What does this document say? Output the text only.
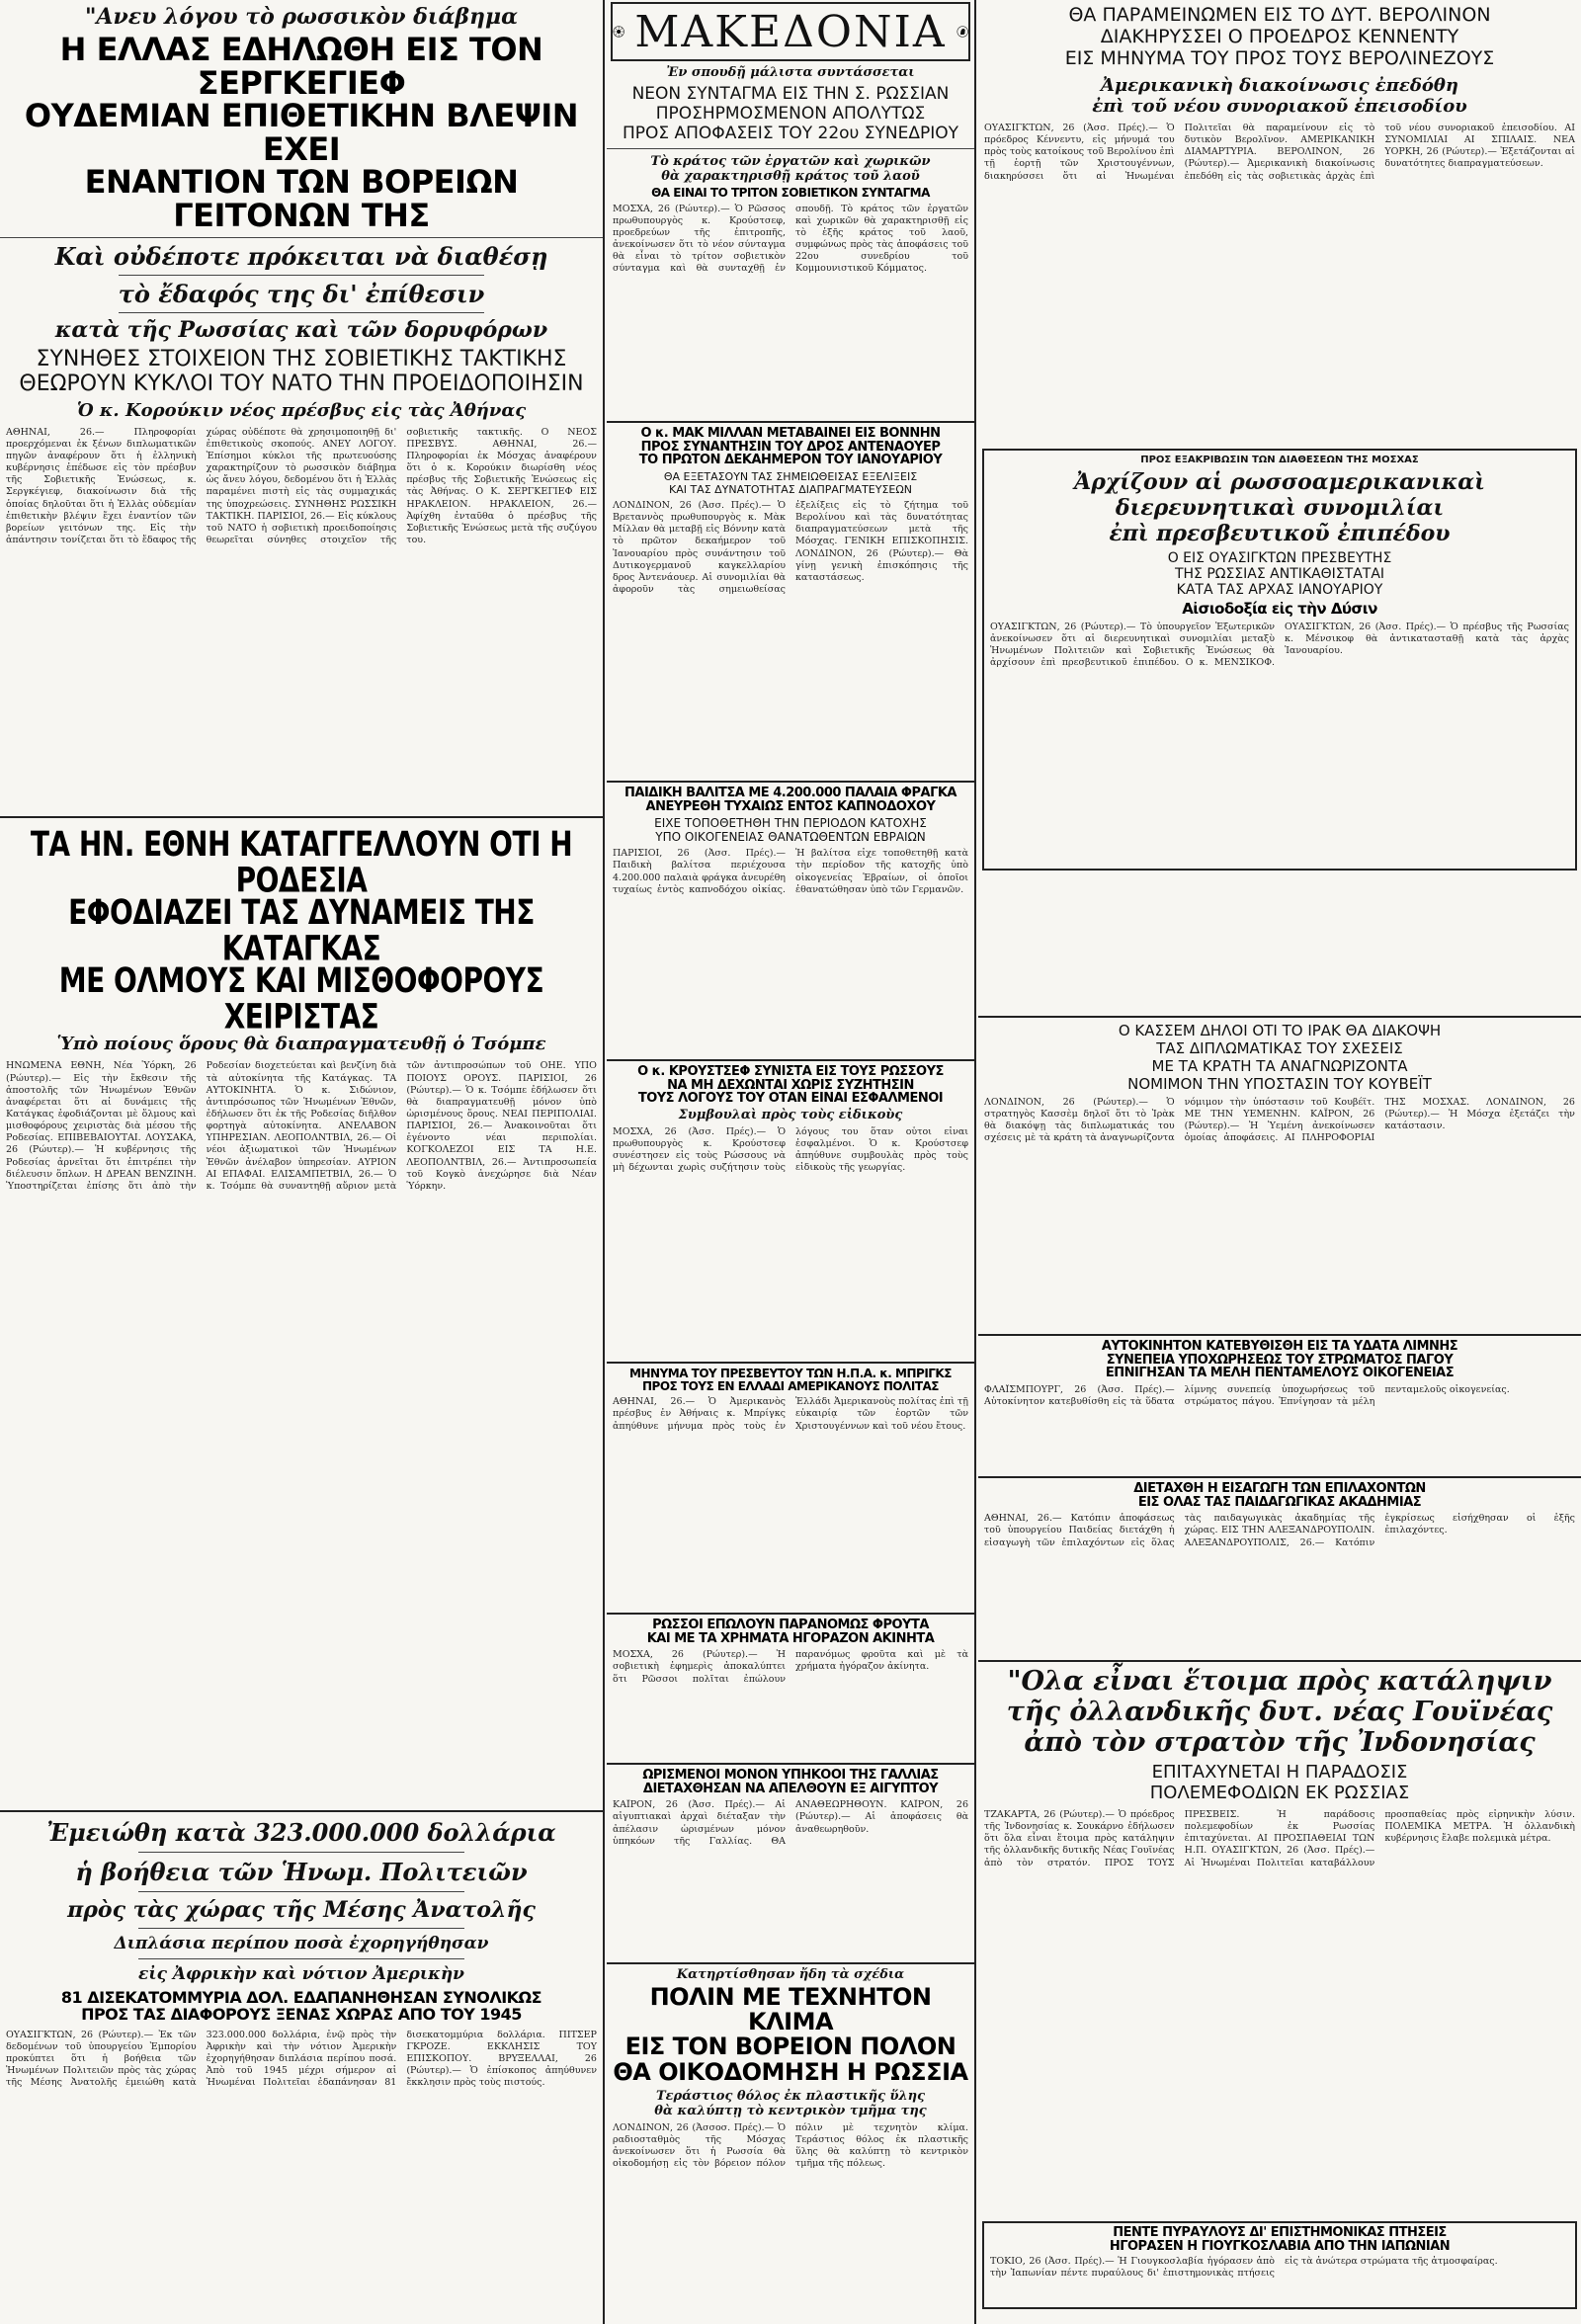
"Ανευ λόγου τὸ ρωσσικὸν διάβημα

Η ΕΛΛΑΣ ΕΔΗΛΩΘΗ ΕΙΣ ΤΟΝ ΣΕΡΓΚΕΓΙΕΦ

ΟΥΔΕΜΙΑΝ ΕΠΙΘΕΤΙΚΗΝ ΒΛΕΨΙΝ ΕΧΕΙ

ΕΝΑΝΤΙΟΝ ΤΩΝ ΒΟΡΕΙΩΝ ΓΕΙΤΟΝΩΝ ΤΗΣ

Καὶ οὐδέποτε πρόκειται νὰ διαθέσῃ

τὸ ἔδαφός της δι' ἐπίθεσιν

κατὰ τῆς Ρωσσίας καὶ τῶν δορυφόρων

ΣΥΝΗΘΕΣ ΣΤΟΙΧΕΙΟΝ ΤΗΣ ΣΟΒΙΕΤΙΚΗΣ ΤΑΚΤΙΚΗΣ

ΘΕΩΡΟΥΝ ΚΥΚΛΟΙ ΤΟΥ ΝΑΤΟ ΤΗΝ ΠΡΟΕΙΔΟΠΟΙΗΣΙΝ

Ὁ κ. Κορούκιν νέος πρέσβυς εἰς τὰς Ἀθήνας

ΑΘΗΝΑΙ, 26.— Πληροφορίαι προερχόμεναι ἐκ ξένων διπλωματικῶν πηγῶν ἀναφέρουν ὅτι ἡ ἑλληνικὴ κυβέρνησις ἐπέδωσε εἰς τὸν πρέσβυν τῆς Σοβιετικῆς Ἑνώσεως, κ. Σεργκέγιεφ, διακοίνωσιν διὰ τῆς ὁποίας δηλοῦται ὅτι ἡ Ἑλλὰς οὐδεμίαν ἐπιθετικὴν βλέψιν ἔχει ἐναντίον τῶν βορείων γειτόνων της. Εἰς τὴν ἀπάντησιν τονίζεται ὅτι τὸ ἔδαφος τῆς χώρας οὐδέποτε θὰ χρησιμοποιηθῇ δι' ἐπιθετικοὺς σκοπούς. ΑΝΕΥ ΛΟΓΟΥ. Ἐπίσημοι κύκλοι τῆς πρωτευούσης χαρακτηρίζουν τὸ ρωσσικὸν διάβημα ὡς ἄνευ λόγου, δεδομένου ὅτι ἡ Ἑλλὰς παραμένει πιστὴ εἰς τὰς συμμαχικάς της ὑποχρεώσεις. ΣΥΝΗΘΗΣ ΡΩΣΣΙΚΗ ΤΑΚΤΙΚΗ. ΠΑΡΙΣΙΟΙ, 26.— Εἰς κύκλους τοῦ ΝΑΤΟ ἡ σοβιετικὴ προειδοποίησις θεωρεῖται σύνηθες στοιχεῖον τῆς σοβιετικῆς τακτικῆς. Ο ΝΕΟΣ ΠΡΕΣΒΥΣ. ΑΘΗΝΑΙ, 26.— Πληροφορίαι ἐκ Μόσχας ἀναφέρουν ὅτι ὁ κ. Κορούκιν διωρίσθη νέος πρέσβυς τῆς Σοβιετικῆς Ἑνώσεως εἰς τὰς Ἀθήνας. Ο Κ. ΣΕΡΓΚΕΓΙΕΦ ΕΙΣ ΗΡΑΚΛΕΙΟΝ. ΗΡΑΚΛΕΙΟΝ, 26.— Ἀφίχθη ἐνταῦθα ὁ πρέσβυς τῆς Σοβιετικῆς Ἑνώσεως μετὰ τῆς συζύγου του.

ΤΑ ΗΝ. ΕΘΝΗ ΚΑΤΑΓΓΕΛΛΟΥΝ ΟΤΙ Η ΡΟΔΕΣΙΑ

ΕΦΟΔΙΑΖΕΙ ΤΑΣ ΔΥΝΑΜΕΙΣ ΤΗΣ ΚΑΤΑΓΚΑΣ

ΜΕ ΟΛΜΟΥΣ ΚΑΙ ΜΙΣΘΟΦΟΡΟΥΣ ΧΕΙΡΙΣΤΑΣ

Ὑπὸ ποίους ὅρους θὰ διαπραγματευθῇ ὁ Τσόμπε

ΗΝΩΜΕΝΑ ΕΘΝΗ, Νέα Ὑόρκη, 26 (Ρώυτερ).— Εἰς τὴν ἔκθεσιν τῆς ἀποστολῆς τῶν Ἡνωμένων Ἐθνῶν ἀναφέρεται ὅτι αἱ δυνάμεις τῆς Κατάγκας ἐφοδιάζονται μὲ ὅλμους καὶ μισθοφόρους χειριστὰς διὰ μέσου τῆς Ροδεσίας. ΕΠΙΒΕΒΑΙΟΥΤΑΙ. ΛΟΥΣΑΚΑ, 26 (Ρώυτερ).— Ἡ κυβέρνησις τῆς Ροδεσίας ἀρνεῖται ὅτι ἐπιτρέπει τὴν διέλευσιν ὅπλων. Η ΔΡΕΑΝ ΒΕΝΖΙΝΗ. Ὑποστηρίζεται ἐπίσης ὅτι ἀπὸ τὴν Ροδεσίαν διοχετεύεται καὶ βενζίνη διὰ τὰ αὐτοκίνητα τῆς Κατάγκας. ΤΑ ΑΥΤΟΚΙΝΗΤΑ. Ὁ κ. Σιδώνιον, ἀντιπρόσωπος τῶν Ἡνωμένων Ἐθνῶν, ἐδήλωσεν ὅτι ἐκ τῆς Ροδεσίας διῆλθον φορτηγὰ αὐτοκίνητα. ΑΝΕΛΑΒΟΝ ΥΠΗΡΕΣΙΑΝ. ΛΕΟΠΟΛΝΤΒΙΛ, 26.— Οἱ νέοι ἀξιωματικοὶ τῶν Ἡνωμένων Ἐθνῶν ἀνέλαβον ὑπηρεσίαν. ΑΥΡΙΟΝ ΑΙ ΕΠΑΦΑΙ. ΕΛΙΣΑΜΠΕΤΒΙΛ, 26.— Ὁ κ. Τσόμπε θὰ συναντηθῇ αὔριον μετὰ τῶν ἀντιπροσώπων τοῦ ΟΗΕ. ΥΠΟ ΠΟΙΟΥΣ ΟΡΟΥΣ. ΠΑΡΙΣΙΟΙ, 26 (Ρώυτερ).— Ὁ κ. Τσόμπε ἐδήλωσεν ὅτι θὰ διαπραγματευθῇ μόνον ὑπὸ ὡρισμένους ὅρους. ΝΕΑΙ ΠΕΡΙΠΟΛΙΑΙ. ΠΑΡΙΣΙΟΙ, 26.— Ἀνακοινοῦται ὅτι ἐγένοντο νέαι περιπολίαι. ΚΟΓΚΟΛΕΖΟΙ ΕΙΣ ΤΑ Η.Ε. ΛΕΟΠΟΛΝΤΒΙΛ, 26.— Ἀντιπροσωπεία τοῦ Κογκὸ ἀνεχώρησε διὰ Νέαν Ὑόρκην.

Ἐμειώθη κατὰ 323.000.000 δολλάρια

ἡ βοήθεια τῶν Ἡνωμ. Πολιτειῶν

πρὸς τὰς χώρας τῆς Μέσης Ἀνατολῆς

Διπλάσια περίπου ποσὰ ἐχορηγήθησαν

εἰς Ἀφρικὴν καὶ νότιον Ἀμερικὴν

81 ΔΙΣΕΚΑΤΟΜΜΥΡΙΑ ΔΟΛ. ΕΔΑΠΑΝΗΘΗΣΑΝ ΣΥΝΟΛΙΚΩΣ

ΠΡΟΣ ΤΑΣ ΔΙΑΦΟΡΟΥΣ ΞΕΝΑΣ ΧΩΡΑΣ ΑΠΟ ΤΟΥ 1945

ΟΥΑΣΙΓΚΤΩΝ, 26 (Ρώυτερ).— Ἐκ τῶν δεδομένων τοῦ ὑπουργείου Ἐμπορίου προκύπτει ὅτι ἡ βοήθεια τῶν Ἡνωμένων Πολιτειῶν πρὸς τὰς χώρας τῆς Μέσης Ἀνατολῆς ἐμειώθη κατὰ 323.000.000 δολλάρια, ἐνῷ πρὸς τὴν Ἀφρικὴν καὶ τὴν νότιον Ἀμερικὴν ἐχορηγήθησαν διπλάσια περίπου ποσά. Ἀπὸ τοῦ 1945 μέχρι σήμερον αἱ Ἡνωμέναι Πολιτεῖαι ἐδαπάνησαν 81 δισεκατομμύρια δολλάρια. ΠΙΤΣΕΡ ΓΚΡΟΖΕ. ΕΚΚΛΗΣΙΣ ΤΟΥ ΕΠΙΣΚΟΠΟΥ. ΒΡΥΞΕΛΛΑΙ, 26 (Ρώυτερ).— Ὁ ἐπίσκοπος ἀπηύθυνεν ἔκκλησιν πρὸς τοὺς πιστούς.
ΜΑΚΕΔΟΝΙΑ

Ἐν σπουδῇ μάλιστα συντάσσεται

ΝΕΟΝ ΣΥΝΤΑΓΜΑ ΕΙΣ ΤΗΝ Σ. ΡΩΣΣΙΑΝ

ΠΡΟΣΗΡΜΟΣΜΕΝΟΝ ΑΠΟΛΥΤΩΣ

ΠΡΟΣ ΑΠΟΦΑΣΕΙΣ ΤΟΥ 22ου ΣΥΝΕΔΡΙΟΥ

Τὸ κράτος τῶν ἐργατῶν καὶ χωρικῶν

θὰ χαρακτηρισθῇ κράτος τοῦ λαοῦ

ΘΑ ΕΙΝΑΙ ΤΟ ΤΡΙΤΟΝ ΣΟΒΙΕΤΙΚΟΝ ΣΥΝΤΑΓΜΑ

ΜΟΣΧΑ, 26 (Ρώυτερ).— Ὁ Ρῶσσος πρωθυπουργὸς κ. Κρούστσεφ, προεδρεύων τῆς ἐπιτροπῆς, ἀνεκοίνωσεν ὅτι τὸ νέον σύνταγμα θὰ εἶναι τὸ τρίτον σοβιετικὸν σύνταγμα καὶ θὰ συνταχθῇ ἐν σπουδῇ. Τὸ κράτος τῶν ἐργατῶν καὶ χωρικῶν θὰ χαρακτηρισθῇ εἰς τὸ ἑξῆς κράτος τοῦ λαοῦ, συμφώνως πρὸς τὰς ἀποφάσεις τοῦ 22ου συνεδρίου τοῦ Κομμουνιστικοῦ Κόμματος.

Ο κ. ΜΑΚ ΜΙΛΛΑΝ ΜΕΤΑΒΑΙΝΕΙ ΕΙΣ ΒΟΝΝΗΝ

ΠΡΟΣ ΣΥΝΑΝΤΗΣΙΝ ΤΟΥ ΔΡΟΣ ΑΝΤΕΝΑΟΥΕΡ

ΤΟ ΠΡΩΤΟΝ ΔΕΚΑΗΜΕΡΟΝ ΤΟΥ ΙΑΝΟΥΑΡΙΟΥ

ΘΑ ΕΞΕΤΑΣΟΥΝ ΤΑΣ ΣΗΜΕΙΩΘΕΙΣΑΣ ΕΞΕΛΙΞΕΙΣ

ΚΑΙ ΤΑΣ ΔΥΝΑΤΟΤΗΤΑΣ ΔΙΑΠΡΑΓΜΑΤΕΥΣΕΩΝ

ΛΟΝΔΙΝΟΝ, 26 (Ἀσσ. Πρές).— Ὁ Βρεταννὸς πρωθυπουργὸς κ. Μὰκ Μίλλαν θὰ μεταβῇ εἰς Βόννην κατὰ τὸ πρῶτον δεκαήμερον τοῦ Ἰανουαρίου πρὸς συνάντησιν τοῦ Δυτικογερμανοῦ καγκελλαρίου δρος Ἀντενάουερ. Αἱ συνομιλίαι θὰ ἀφοροῦν τὰς σημειωθείσας ἐξελίξεις εἰς τὸ ζήτημα τοῦ Βερολίνου καὶ τὰς δυνατότητας διαπραγματεύσεων μετὰ τῆς Μόσχας. ΓΕΝΙΚΗ ΕΠΙΣΚΟΠΗΣΙΣ. ΛΟΝΔΙΝΟΝ, 26 (Ρώυτερ).— Θὰ γίνῃ γενικὴ ἐπισκόπησις τῆς καταστάσεως.

ΠΑΙΔΙΚΗ ΒΑΛΙΤΣΑ ΜΕ 4.200.000 ΠΑΛΑΙΑ ΦΡΑΓΚΑ

ΑΝΕΥΡΕΘΗ ΤΥΧΑΙΩΣ ΕΝΤΟΣ ΚΑΠΝΟΔΟΧΟΥ

ΕΙΧΕ ΤΟΠΟΘΕΤΗΘΗ ΤΗΝ ΠΕΡΙΟΔΟΝ ΚΑΤΟΧΗΣ

ΥΠΟ ΟΙΚΟΓΕΝΕΙΑΣ ΘΑΝΑΤΩΘΕΝΤΩΝ ΕΒΡΑΙΩΝ

ΠΑΡΙΣΙΟΙ, 26 (Ἀσσ. Πρές).— Παιδικὴ βαλίτσα περιέχουσα 4.200.000 παλαιὰ φράγκα ἀνευρέθη τυχαίως ἐντὸς καπνοδόχου οἰκίας. Ἡ βαλίτσα εἶχε τοποθετηθῇ κατὰ τὴν περίοδον τῆς κατοχῆς ὑπὸ οἰκογενείας Ἑβραίων, οἱ ὁποῖοι ἐθανατώθησαν ὑπὸ τῶν Γερμανῶν.

Ο κ. ΚΡΟΥΣΤΣΕΦ ΣΥΝΙΣΤΑ ΕΙΣ ΤΟΥΣ ΡΩΣΣΟΥΣ

ΝΑ ΜΗ ΔΕΧΩΝΤΑΙ ΧΩΡΙΣ ΣΥΖΗΤΗΣΙΝ

ΤΟΥΣ ΛΟΓΟΥΣ ΤΟΥ ΟΤΑΝ ΕΙΝΑΙ ΕΣΦΑΛΜΕΝΟΙ

Συμβουλαὶ πρὸς τοὺς εἰδικοὺς

ΜΟΣΧΑ, 26 (Ἀσσ. Πρές).— Ὁ πρωθυπουργὸς κ. Κρούστσεφ συνέστησεν εἰς τοὺς Ρώσσους νὰ μὴ δέχωνται χωρὶς συζήτησιν τοὺς λόγους του ὅταν οὗτοι εἶναι ἐσφαλμένοι. Ὁ κ. Κρούστσεφ ἀπηύθυνε συμβουλὰς πρὸς τοὺς εἰδικοὺς τῆς γεωργίας.

ΜΗΝΥΜΑ ΤΟΥ ΠΡΕΣΒΕΥΤΟΥ ΤΩΝ Η.Π.Α. κ. ΜΠΡΙΓΚΣ

ΠΡΟΣ ΤΟΥΣ ΕΝ ΕΛΛΑΔΙ ΑΜΕΡΙΚΑΝΟΥΣ ΠΟΛΙΤΑΣ

ΑΘΗΝΑΙ, 26.— Ὁ Ἀμερικανὸς πρέσβυς ἐν Ἀθήναις κ. Μπρίγκς ἀπηύθυνε μήνυμα πρὸς τοὺς ἐν Ἑλλάδι Ἀμερικανοὺς πολίτας ἐπὶ τῇ εὐκαιρίᾳ τῶν ἑορτῶν τῶν Χριστουγέννων καὶ τοῦ νέου ἔτους.

ΡΩΣΣΟΙ ΕΠΩΛΟΥΝ ΠΑΡΑΝΟΜΩΣ ΦΡΟΥΤΑ

ΚΑΙ ΜΕ ΤΑ ΧΡΗΜΑΤΑ ΗΓΟΡΑΖΟΝ ΑΚΙΝΗΤΑ

ΜΟΣΧΑ, 26 (Ρώυτερ).— Ἡ σοβιετικὴ ἐφημερὶς ἀποκαλύπτει ὅτι Ρῶσσοι πολῖται ἐπώλουν παρανόμως φροῦτα καὶ μὲ τὰ χρήματα ἠγόραζον ἀκίνητα.

ΩΡΙΣΜΕΝΟΙ ΜΟΝΟΝ ΥΠΗΚΟΟΙ ΤΗΣ ΓΑΛΛΙΑΣ

ΔΙΕΤΑΧΘΗΣΑΝ ΝΑ ΑΠΕΛΘΟΥΝ ΕΞ ΑΙΓΥΠΤΟΥ

ΚΑΪΡΟΝ, 26 (Ἀσσ. Πρές).— Αἱ αἰγυπτιακαὶ ἀρχαὶ διέταξαν τὴν ἀπέλασιν ὡρισμένων μόνον ὑπηκόων τῆς Γαλλίας. ΘΑ ΑΝΑΘΕΩΡΗΘΟΥΝ. ΚΑΪΡΟΝ, 26 (Ρώυτερ).— Αἱ ἀποφάσεις θὰ ἀναθεωρηθοῦν.

Κατηρτίσθησαν ἤδη τὰ σχέδια

ΠΟΛΙΝ ΜΕ ΤΕΧΝΗΤΟΝ ΚΛΙΜΑ

ΕΙΣ ΤΟΝ ΒΟΡΕΙΟΝ ΠΟΛΟΝ

ΘΑ ΟΙΚΟΔΟΜΗΣΗ Η ΡΩΣΣΙΑ

Τεράστιος θόλος ἐκ πλαστικῆς ὕλης

θὰ καλύπτῃ τὸ κεντρικὸν τμῆμα της

ΛΟΝΔΙΝΟΝ, 26 (Ἀσσοσ. Πρές).— Ὁ ραδιοσταθμὸς τῆς Μόσχας ἀνεκοίνωσεν ὅτι ἡ Ρωσσία θὰ οἰκοδομήσῃ εἰς τὸν βόρειον πόλον πόλιν μὲ τεχνητὸν κλίμα. Τεράστιος θόλος ἐκ πλαστικῆς ὕλης θὰ καλύπτῃ τὸ κεντρικὸν τμῆμα τῆς πόλεως.

ΘΑ ΠΑΡΑΜΕΙΝΩΜΕΝ ΕΙΣ ΤΟ ΔΥΤ. ΒΕΡΟΛΙΝΟΝ

ΔΙΑΚΗΡΥΣΣΕΙ Ο ΠΡΟΕΔΡΟΣ ΚΕΝΝΕΝΤΥ

ΕΙΣ ΜΗΝΥΜΑ ΤΟΥ ΠΡΟΣ ΤΟΥΣ ΒΕΡΟΛΙΝΕΖΟΥΣ

Ἀμερικανικὴ διακοίνωσις ἐπεδόθη

ἐπὶ τοῦ νέου συνοριακοῦ ἐπεισοδίου

ΟΥΑΣΙΓΚΤΩΝ, 26 (Ἀσσ. Πρές).— Ὁ πρόεδρος Κέννεντυ, εἰς μήνυμά του πρὸς τοὺς κατοίκους τοῦ Βερολίνου ἐπὶ τῇ ἑορτῇ τῶν Χριστουγέννων, διακηρύσσει ὅτι αἱ Ἡνωμέναι Πολιτεῖαι θὰ παραμείνουν εἰς τὸ δυτικὸν Βερολῖνον. ΑΜΕΡΙΚΑΝΙΚΗ ΔΙΑΜΑΡΤΥΡΙΑ. ΒΕΡΟΛΙΝΟΝ, 26 (Ρώυτερ).— Ἀμερικανικὴ διακοίνωσις ἐπεδόθη εἰς τὰς σοβιετικὰς ἀρχὰς ἐπὶ τοῦ νέου συνοριακοῦ ἐπεισοδίου. ΑΙ ΣΥΝΟΜΙΛΙΑΙ ΑΙ ΣΠΙΛΑΙΣ. ΝΕΑ ΥΟΡΚΗ, 26 (Ρώυτερ).— Ἐξετάζονται αἱ δυνατότητες διαπραγματεύσεων.

ΠΡΟΣ ΕΞΑΚΡΙΒΩΣΙΝ ΤΩΝ ΔΙΑΘΕΣΕΩΝ ΤΗΣ ΜΟΣΧΑΣ

Ἀρχίζουν αἱ ρωσσοαμερικανικαὶ

διερευνητικαὶ συνομιλίαι

ἐπὶ πρεσβευτικοῦ ἐπιπέδου

Ο ΕΙΣ ΟΥΑΣΙΓΚΤΩΝ ΠΡΕΣΒΕΥΤΗΣ

ΤΗΣ ΡΩΣΣΙΑΣ ΑΝΤΙΚΑΘΙΣΤΑΤΑΙ

ΚΑΤΑ ΤΑΣ ΑΡΧΑΣ ΙΑΝΟΥΑΡΙΟΥ

Αἰσιοδοξία εἰς τὴν Δύσιν

ΟΥΑΣΙΓΚΤΩΝ, 26 (Ρώυτερ).— Τὸ ὑπουργεῖον Ἐξωτερικῶν ἀνεκοίνωσεν ὅτι αἱ διερευνητικαὶ συνομιλίαι μεταξὺ Ἡνωμένων Πολιτειῶν καὶ Σοβιετικῆς Ἑνώσεως θὰ ἀρχίσουν ἐπὶ πρεσβευτικοῦ ἐπιπέδου. Ο κ. ΜΕΝΣΙΚΟΦ. ΟΥΑΣΙΓΚΤΩΝ, 26 (Ἀσσ. Πρές).— Ὁ πρέσβυς τῆς Ρωσσίας κ. Μένσικοφ θὰ ἀντικατασταθῇ κατὰ τὰς ἀρχὰς Ἰανουαρίου.

Ο ΚΑΣΣΕΜ ΔΗΛΟΙ ΟΤΙ ΤΟ ΙΡΑΚ ΘΑ ΔΙΑΚΟΨΗ

ΤΑΣ ΔΙΠΛΩΜΑΤΙΚΑΣ ΤΟΥ ΣΧΕΣΕΙΣ

ΜΕ ΤΑ ΚΡΑΤΗ ΤΑ ΑΝΑΓΝΩΡΙΖΟΝΤΑ

ΝΟΜΙΜΟΝ ΤΗΝ ΥΠΟΣΤΑΣΙΝ ΤΟΥ ΚΟΥΒΕΪΤ

ΛΟΝΔΙΝΟΝ, 26 (Ρώυτερ).— Ὁ στρατηγὸς Κασσὲμ δηλοῖ ὅτι τὸ Ἰρὰκ θὰ διακόψῃ τὰς διπλωματικάς του σχέσεις μὲ τὰ κράτη τὰ ἀναγνωρίζοντα νόμιμον τὴν ὑπόστασιν τοῦ Κουβέϊτ. ΜΕ ΤΗΝ ΥΕΜΕΝΗΝ. ΚΑΪΡΟΝ, 26 (Ρώυτερ).— Ἡ Ὑεμένη ἀνεκοίνωσεν ὁμοίας ἀποφάσεις. ΑΙ ΠΛΗΡΟΦΟΡΙΑΙ ΤΗΣ ΜΟΣΧΑΣ. ΛΟΝΔΙΝΟΝ, 26 (Ρώυτερ).— Ἡ Μόσχα ἐξετάζει τὴν κατάστασιν.

ΑΥΤΟΚΙΝΗΤΟΝ ΚΑΤΕΒΥΘΙΣΘΗ ΕΙΣ ΤΑ ΥΔΑΤΑ ΛΙΜΝΗΣ

ΣΥΝΕΠΕΙΑ ΥΠΟΧΩΡΗΣΕΩΣ ΤΟΥ ΣΤΡΩΜΑΤΟΣ ΠΑΓΟΥ

ΕΠΝΙΓΗΣΑΝ ΤΑ ΜΕΛΗ ΠΕΝΤΑΜΕΛΟΥΣ ΟΙΚΟΓΕΝΕΙΑΣ

ΦΛΑΪΣΜΠΟΥΡΓ, 26 (Ἀσσ. Πρές).— Αὐτοκίνητον κατεβυθίσθη εἰς τὰ ὕδατα λίμνης συνεπείᾳ ὑποχωρήσεως τοῦ στρώματος πάγου. Ἐπνίγησαν τὰ μέλη πενταμελοῦς οἰκογενείας.

ΔΙΕΤΑΧΘΗ Η ΕΙΣΑΓΩΓΗ ΤΩΝ ΕΠΙΛΑΧΟΝΤΩΝ

ΕΙΣ ΟΛΑΣ ΤΑΣ ΠΑΙΔΑΓΩΓΙΚΑΣ ΑΚΑΔΗΜΙΑΣ

ΑΘΗΝΑΙ, 26.— Κατόπιν ἀποφάσεως τοῦ ὑπουργείου Παιδείας διετάχθη ἡ εἰσαγωγὴ τῶν ἐπιλαχόντων εἰς ὅλας τὰς παιδαγωγικὰς ἀκαδημίας τῆς χώρας. ΕΙΣ ΤΗΝ ΑΛΕΞΑΝΔΡΟΥΠΟΛΙΝ. ΑΛΕΞΑΝΔΡΟΥΠΟΛΙΣ, 26.— Κατόπιν ἐγκρίσεως εἰσήχθησαν οἱ ἑξῆς ἐπιλαχόντες.

"Ολα εἶναι ἕτοιμα πρὸς κατάληψιν

τῆς ὀλλανδικῆς δυτ. νέας Γουϊνέας

ἀπὸ τὸν στρατὸν τῆς Ἰνδονησίας

ΕΠΙΤΑΧΥΝΕΤΑΙ Η ΠΑΡΑΔΟΣΙΣ

ΠΟΛΕΜΕΦΟΔΙΩΝ ΕΚ ΡΩΣΣΙΑΣ

ΤΖΑΚΑΡΤΑ, 26 (Ρώυτερ).— Ὁ πρόεδρος τῆς Ἰνδονησίας κ. Σουκάρνο ἐδήλωσεν ὅτι ὅλα εἶναι ἕτοιμα πρὸς κατάληψιν τῆς ὀλλανδικῆς δυτικῆς Νέας Γουϊνέας ἀπὸ τὸν στρατόν. ΠΡΟΣ ΤΟΥΣ ΠΡΕΣΒΕΙΣ. Ἡ παράδοσις πολεμεφοδίων ἐκ Ρωσσίας ἐπιταχύνεται. ΑΙ ΠΡΟΣΠΑΘΕΙΑΙ ΤΩΝ Η.Π. ΟΥΑΣΙΓΚΤΩΝ, 26 (Ἀσσ. Πρές).— Αἱ Ἡνωμέναι Πολιτεῖαι καταβάλλουν προσπαθείας πρὸς εἰρηνικὴν λύσιν. ΠΟΛΕΜΙΚΑ ΜΕΤΡΑ. Ἡ ὀλλανδικὴ κυβέρνησις ἔλαβε πολεμικὰ μέτρα.

ΠΕΝΤΕ ΠΥΡΑΥΛΟΥΣ ΔΙ' ΕΠΙΣΤΗΜΟΝΙΚΑΣ ΠΤΗΣΕΙΣ

ΗΓΟΡΑΣΕΝ Η ΓΙΟΥΓΚΟΣΛΑΒΙΑ ΑΠΟ ΤΗΝ ΙΑΠΩΝΙΑΝ

ΤΟΚΙΟ, 26 (Ἀσσ. Πρές).— Ἡ Γιουγκοσλαβία ἠγόρασεν ἀπὸ τὴν Ἰαπωνίαν πέντε πυραύλους δι' ἐπιστημονικὰς πτήσεις εἰς τὰ ἀνώτερα στρώματα τῆς ἀτμοσφαίρας.
